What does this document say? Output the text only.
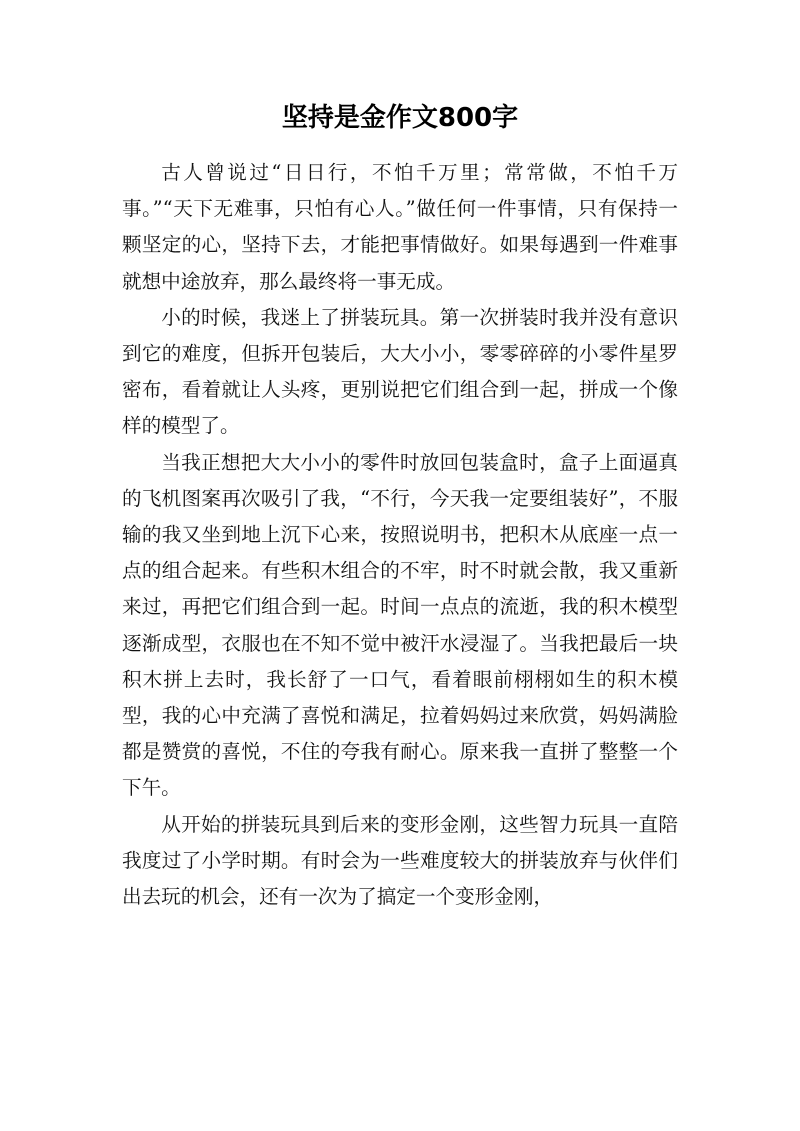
坚持是金作文800字

古人曾说过“日日行，不怕千万里；常常做，不怕千万事。”“天下无难事，只怕有心人。”做任何一件事情，只有保持一颗坚定的心，坚持下去，才能把事情做好。如果每遇到一件难事就想中途放弃，那么最终将一事无成。

小的时候，我迷上了拼装玩具。第一次拼装时我并没有意识到它的难度，但拆开包装后，大大小小，零零碎碎的小零件星罗密布，看着就让人头疼，更别说把它们组合到一起，拼成一个像样的模型了。

当我正想把大大小小的零件时放回包装盒时，盒子上面逼真的飞机图案再次吸引了我，“不行，今天我一定要组装好”，不服输的我又坐到地上沉下心来，按照说明书，把积木从底座一点一点的组合起来。有些积木组合的不牢，时不时就会散，我又重新来过，再把它们组合到一起。时间一点点的流逝，我的积木模型逐渐成型，衣服也在不知不觉中被汗水浸湿了。当我把最后一块积木拼上去时，我长舒了一口气，看着眼前栩栩如生的积木模型，我的心中充满了喜悦和满足，拉着妈妈过来欣赏，妈妈满脸都是赞赏的喜悦，不住的夸我有耐心。原来我一直拼了整整一个下午。

从开始的拼装玩具到后来的变形金刚，这些智力玩具一直陪我度过了小学时期。有时会为一些难度较大的拼装放弃与伙伴们出去玩的机会，还有一次为了搞定一个变形金刚，
